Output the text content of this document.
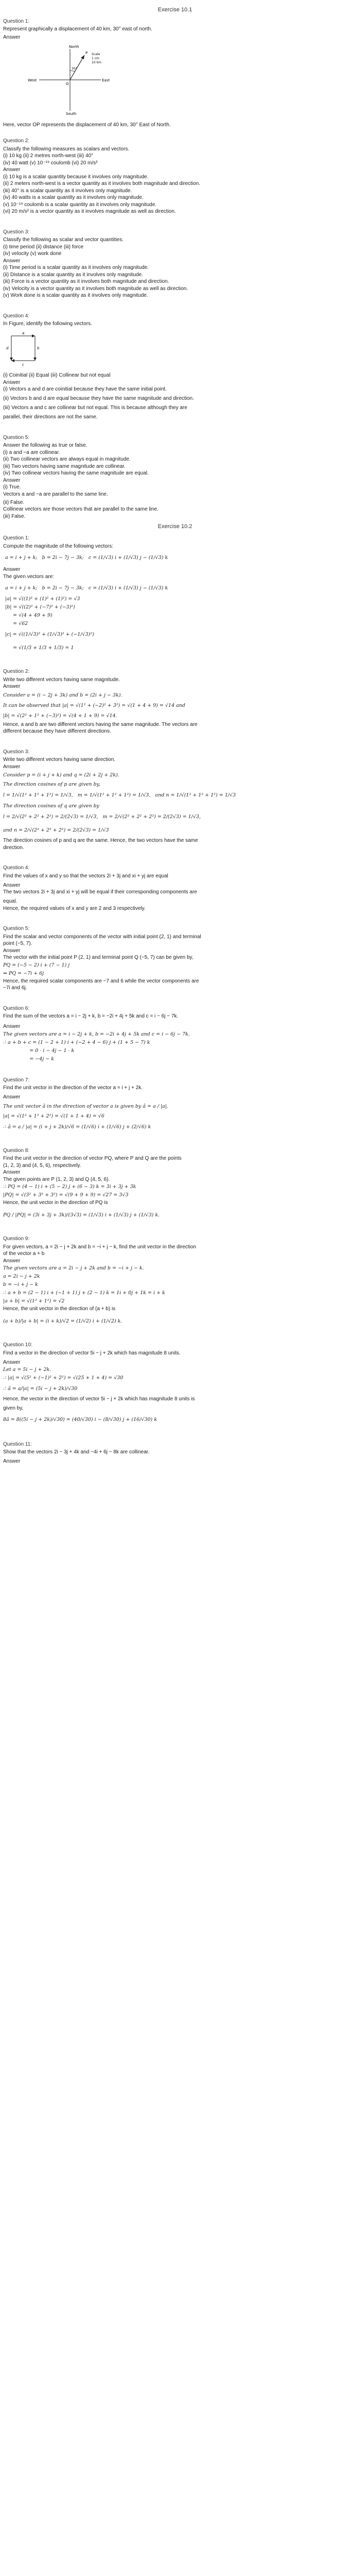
Exercise 10.1
Question 1:
Represent graphically a displacement of 40 km, 30° east of north.
Answer
North
South
East
West
O
P
30°
Scale
1 cm
10 km
Here, vector OP represents the displacement of 40 km, 30° East of North.
Question 2:
Classify the following measures as scalars and vectors.
(i) 10 kg (ii) 2 metres north-west (iii) 40°
(iv) 40 watt (v) 10⁻¹⁹ coulomb (vi) 20 m/s²
Answer
(i) 10 kg is a scalar quantity because it involves only magnitude.
(ii) 2 meters north-west is a vector quantity as it involves both magnitude and direction.
(iii) 40° is a scalar quantity as it involves only magnitude.
(iv) 40 watts is a scalar quantity as it involves only magnitude.
(v) 10⁻¹⁹ coulomb is a scalar quantity as it involves only magnitude.
(vi) 20 m/s² is a vector quantity as it involves magnitude as well as direction.
Question 3:
Classify the following as scalar and vector quantities.
(i) time period (ii) distance (iii) force
(iv) velocity (v) work done
Answer
(i) Time period is a scalar quantity as it involves only magnitude.
(ii) Distance is a scalar quantity as it involves only magnitude.
(iii) Force is a vector quantity as it involves both magnitude and direction.
(iv) Velocity is a vector quantity as it involves both magnitude as well as direction.
(v) Work done is a scalar quantity as it involves only magnitude.
Question 4:
In Figure, identify the following vectors.
a
b
c
d
(i) Coinitial (ii) Equal (iii) Collinear but not equal
Answer
(i) Vectors a and d are coinitial because they have the same initial point.
(ii) Vectors b and d are equal because they have the same magnitude and direction.
(iii) Vectors a and c are collinear but not equal. This is because although they are
parallel, their directions are not the same.
Question 5:
Answer the following as true or false.
(i) a and −a are collinear.
(ii) Two collinear vectors are always equal in magnitude.
(iii) Two vectors having same magnitude are collinear.
(iv) Two collinear vectors having the same magnitude are equal.
Answer
(i) True.
Vectors a and −a are parallel to the same line.
(ii) False.
Collinear vectors are those vectors that are parallel to the same line.
(iii) False.
Exercise 10.2
Question 1:
Compute the magnitude of the following vectors:
a = i + j + k;   b = 2i − 7j − 3k;   c = (1/√3) i + (1/√3) j − (1/√3) k
Answer
The given vectors are:
a = i + j + k;   b = 2i − 7j − 3k;   c = (1/√3) i + (1/√3) j − (1/√3) k
|a| = √((1)² + (1)² + (1)²) = √3
|b| = √((2)² + (−7)² + (−3)²)
= √(4 + 49 + 9)
= √62
|c| = √((1/√3)² + (1/√3)² + (−1/√3)²)
= √(1/3 + 1/3 + 1/3) = 1
Question 2:
Write two different vectors having same magnitude.
Answer
Consider a = (i − 2j + 3k) and b = (2i + j − 3k).
It can be observed that |a| = √(1² + (−2)² + 3²) = √(1 + 4 + 9) = √14 and
|b| = √(2² + 1² + (−3)²) = √(4 + 1 + 9) = √14.
Hence, a and b are two different vectors having the same magnitude. The vectors are
different because they have different directions.
Question 3:
Write two different vectors having same direction.
Answer
Consider p = (i + j + k) and q = (2i + 2j + 2k).
The direction cosines of p are given by,
l = 1/√(1² + 1² + 1²) = 1/√3,   m = 1/√(1² + 1² + 1²) = 1/√3,   and n = 1/√(1² + 1² + 1²) = 1/√3
The direction cosines of q are given by
l = 2/√(2² + 2² + 2²) = 2/(2√3) = 1/√3,   m = 2/√(2² + 2² + 2²) = 2/(2√3) = 1/√3,
and n = 2/√(2² + 2² + 2²) = 2/(2√3) = 1/√3
The direction cosines of p and q are the same. Hence, the two vectors have the same
direction.
Question 4:
Find the values of x and y so that the vectors 2i + 3j and xi + yj are equal
Answer
The two vectors 2i + 3j and xi + yj will be equal if their corresponding components are
equal.
Hence, the required values of x and y are 2 and 3 respectively.
Question 5:
Find the scalar and vector components of the vector with initial point (2, 1) and terminal
point (−5, 7).
Answer
The vector with the initial point P (2, 1) and terminal point Q (−5, 7) can be given by,
PQ = (−5 − 2) i + (7 − 1) j
⇒ PQ = −7i + 6j
Hence, the required scalar components are −7 and 6 while the vector components are
−7i and 6j.
Question 6:
Find the sum of the vectors a = i − 2j + k, b = −2i + 4j + 5k and c = i − 6j − 7k.
Answer
The given vectors are a = i − 2j + k, b = −2i + 4j + 5k and c = i − 6j − 7k.
∴ a + b + c = (1 − 2 + 1) i + (−2 + 4 − 6) j + (1 + 5 − 7) k
= 0 · i − 4j − 1 · k
= −4j − k
Question 7:
Find the unit vector in the direction of the vector a = i + j + 2k.
Answer
The unit vector â in the direction of vector a is given by â = a / |a|.
|a| = √(1² + 1² + 2²) = √(1 + 1 + 4) = √6
∴ â = a / |a| = (i + j + 2k)/√6 = (1/√6) i + (1/√6) j + (2/√6) k
Question 8:
Find the unit vector in the direction of vector PQ, where P and Q are the points
(1, 2, 3) and (4, 5, 6), respectively.
Answer
The given points are P (1, 2, 3) and Q (4, 5, 6).
∴ PQ = (4 − 1) i + (5 − 2) j + (6 − 3) k = 3i + 3j + 3k
|PQ| = √(3² + 3² + 3²) = √(9 + 9 + 9) = √27 = 3√3
Hence, the unit vector in the direction of PQ is
PQ / |PQ| = (3i + 3j + 3k)/(3√3) = (1/√3) i + (1/√3) j + (1/√3) k.
Question 9:
For given vectors, a = 2i − j + 2k and b = −i + j − k, find the unit vector in the direction
of the vector a + b
Answer
The given vectors are a = 2i − j + 2k and b = −i + j − k.
a = 2i − j + 2k
b = −i + j − k
∴ a + b = (2 − 1) i + (−1 + 1) j + (2 − 1) k = 1i + 0j + 1k = i + k
|a + b| = √(1² + 1²) = √2
Hence, the unit vector in the direction of (a + b) is
(a + b)/|a + b| = (i + k)/√2 = (1/√2) i + (1/√2) k.
Question 10:
Find a vector in the direction of vector 5i − j + 2k which has magnitude 8 units.
Answer
Let a = 5i − j + 2k.
∴ |a| = √(5² + (−1)² + 2²) = √(25 + 1 + 4) = √30
∴ â = a/|a| = (5i − j + 2k)/√30
Hence, the vector in the direction of vector 5i − j + 2k which has magnitude 8 units is
given by,
8â = 8((5i − j + 2k)/√30) = (40/√30) i − (8/√30) j + (16/√30) k
Question 11:
Show that the vectors 2i − 3j + 4k and −4i + 6j − 8k are collinear.
Answer
